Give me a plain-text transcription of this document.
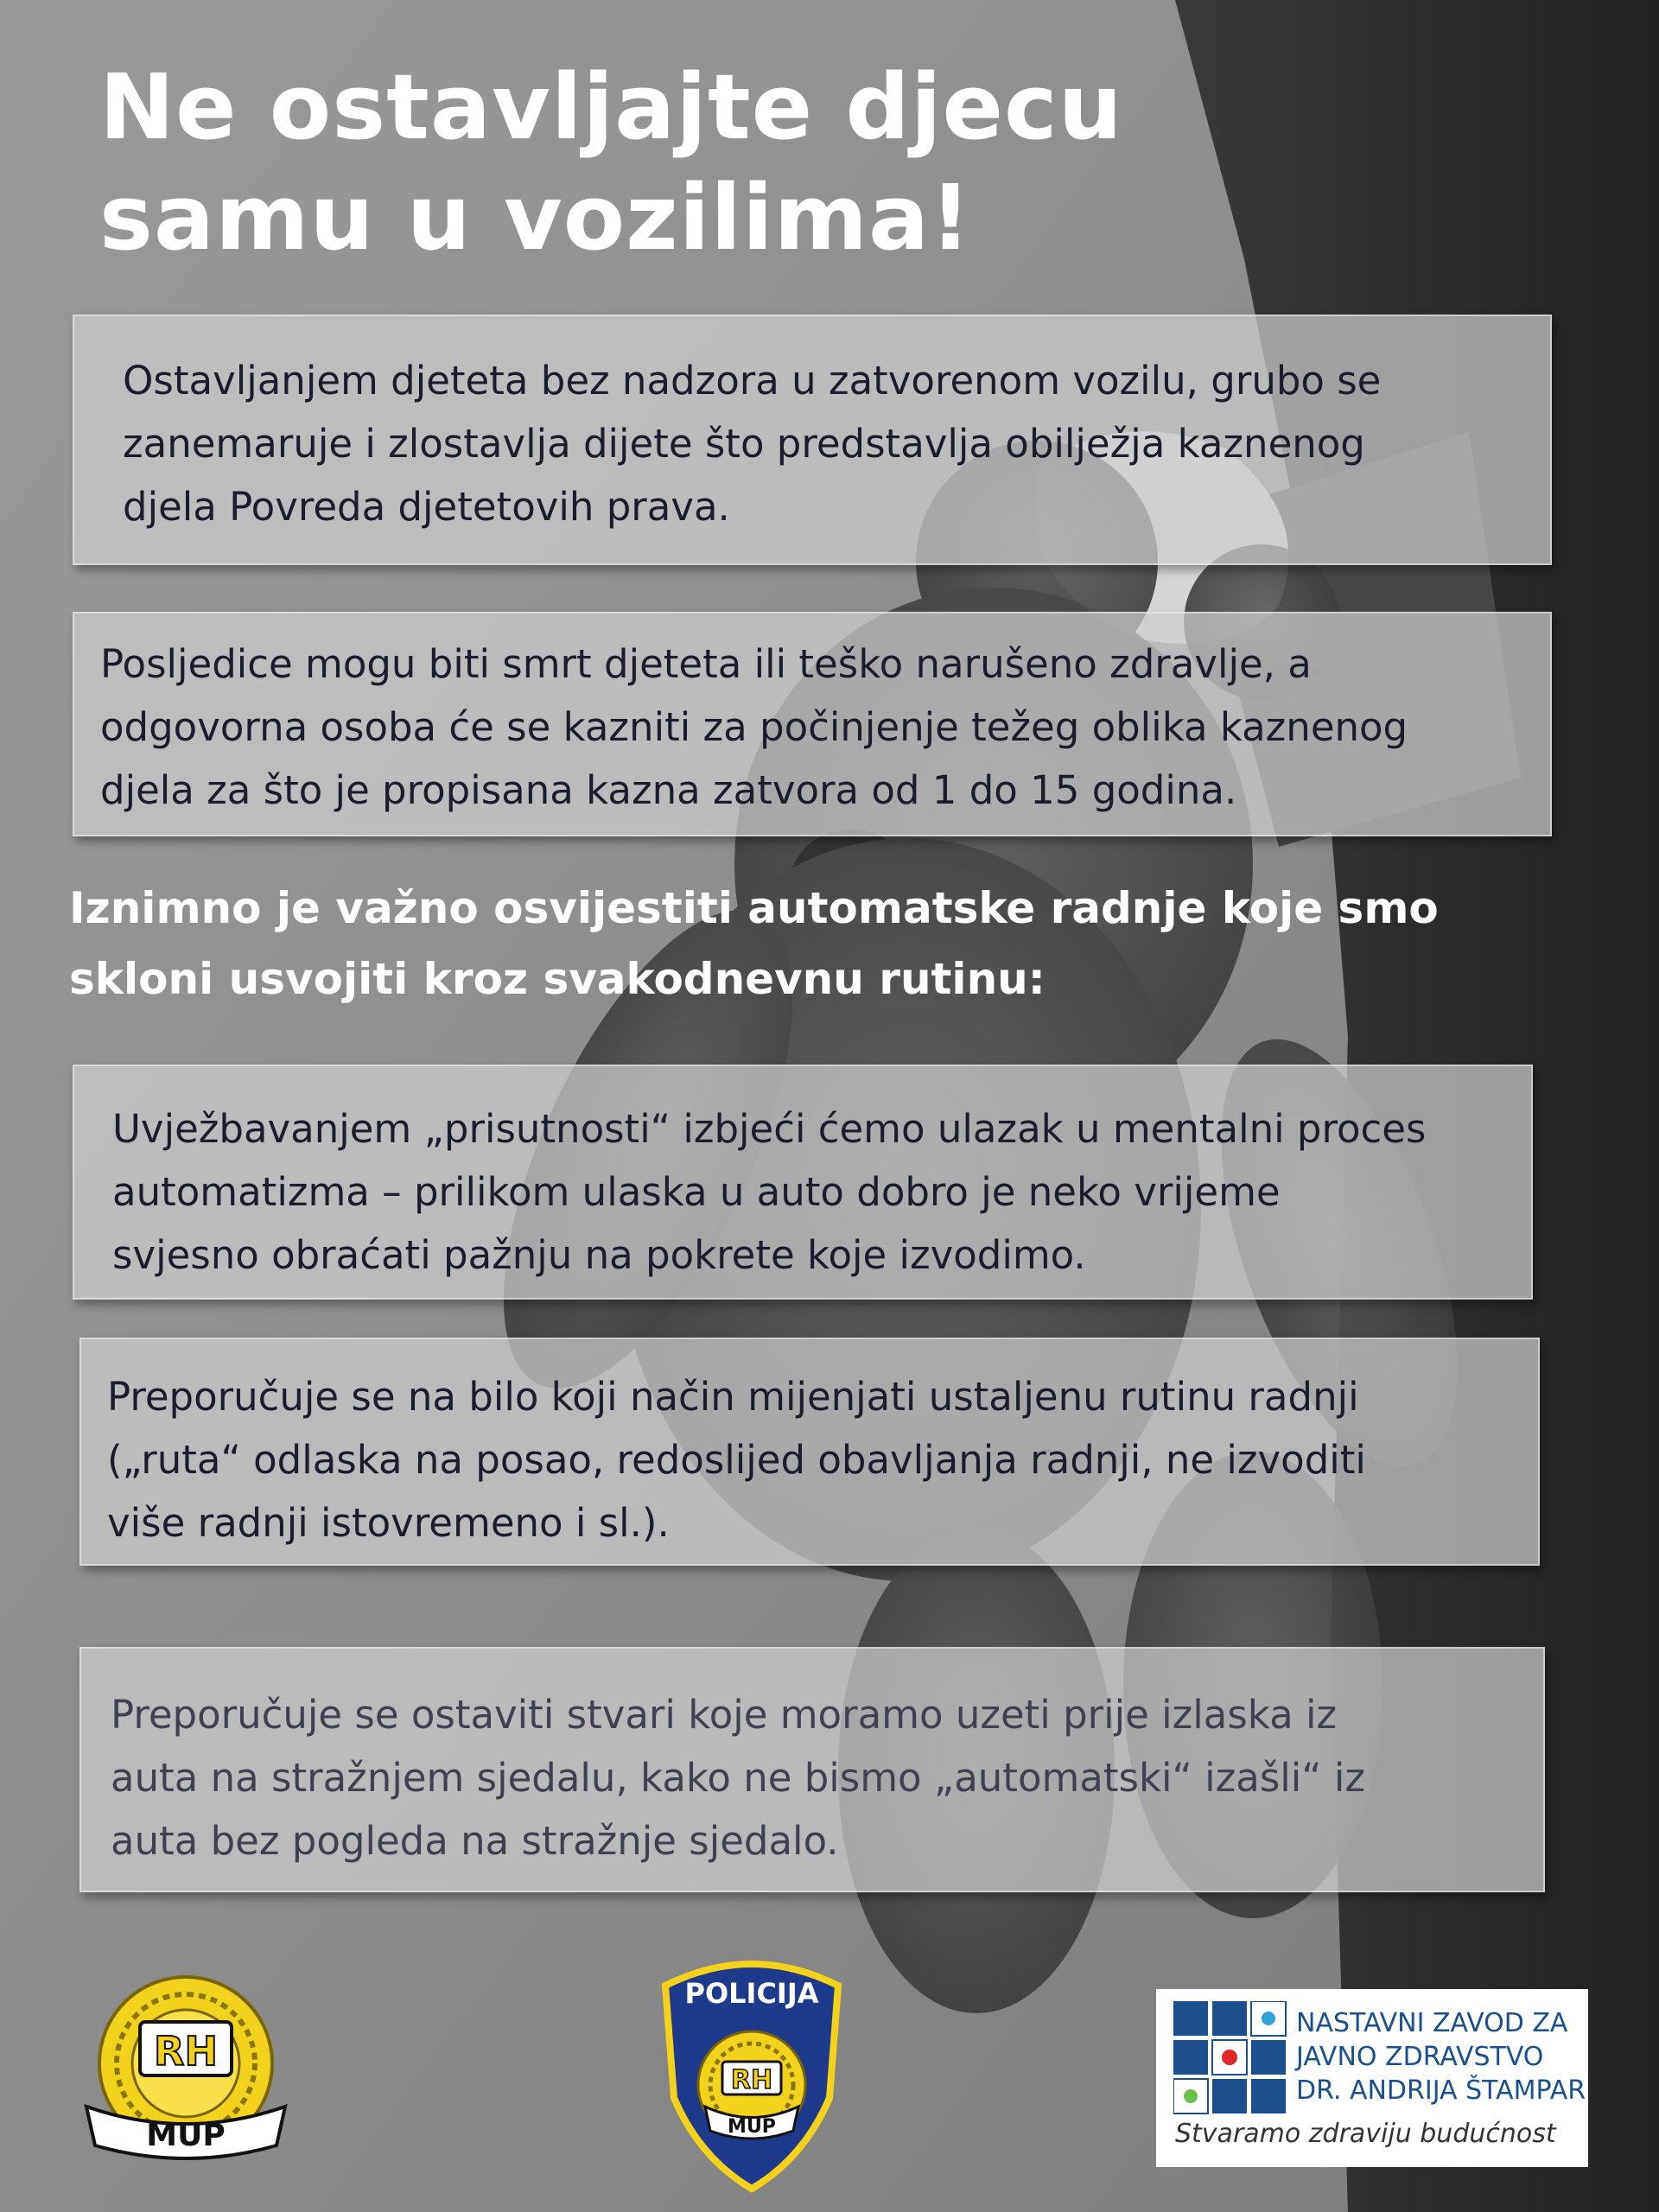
Ne ostavljajte djecu
samu u vozilima!
Ostavljanjem djeteta bez nadzora u zatvorenom vozilu, grubo se
zanemaruje i zlostavlja dijete što predstavlja obilježja kaznenog
djela Povreda djetetovih prava.
Posljedice mogu biti smrt djeteta ili teško narušeno zdravlje, a
odgovorna osoba će se kazniti za počinjenje težeg oblika kaznenog
djela za što je propisana kazna zatvora od 1 do 15 godina.
Iznimno je važno osvijestiti automatske radnje koje smo
skloni usvojiti kroz svakodnevnu rutinu:
Uvježbavanjem „prisutnosti“ izbjeći ćemo ulazak u mentalni proces
automatizma – prilikom ulaska u auto dobro je neko vrijeme
svjesno obraćati pažnju na pokrete koje izvodimo.
Preporučuje se na bilo koji način mijenjati ustaljenu rutinu radnji
(„ruta“ odlaska na posao, redoslijed obavljanja radnji, ne izvoditi
više radnji istovremeno i sl.).
Preporučuje se ostaviti stvari koje moramo uzeti prije izlaska iz
auta na stražnjem sjedalu, kako ne bismo „automatski“ izašli“ iz
auta bez pogleda na stražnje sjedalo.
RH
MUP
POLICIJA
RH
MUP
NASTAVNI ZAVOD ZA
JAVNO ZDRAVSTVO
DR. ANDRIJA ŠTAMPAR
Stvaramo zdraviju budućnost
